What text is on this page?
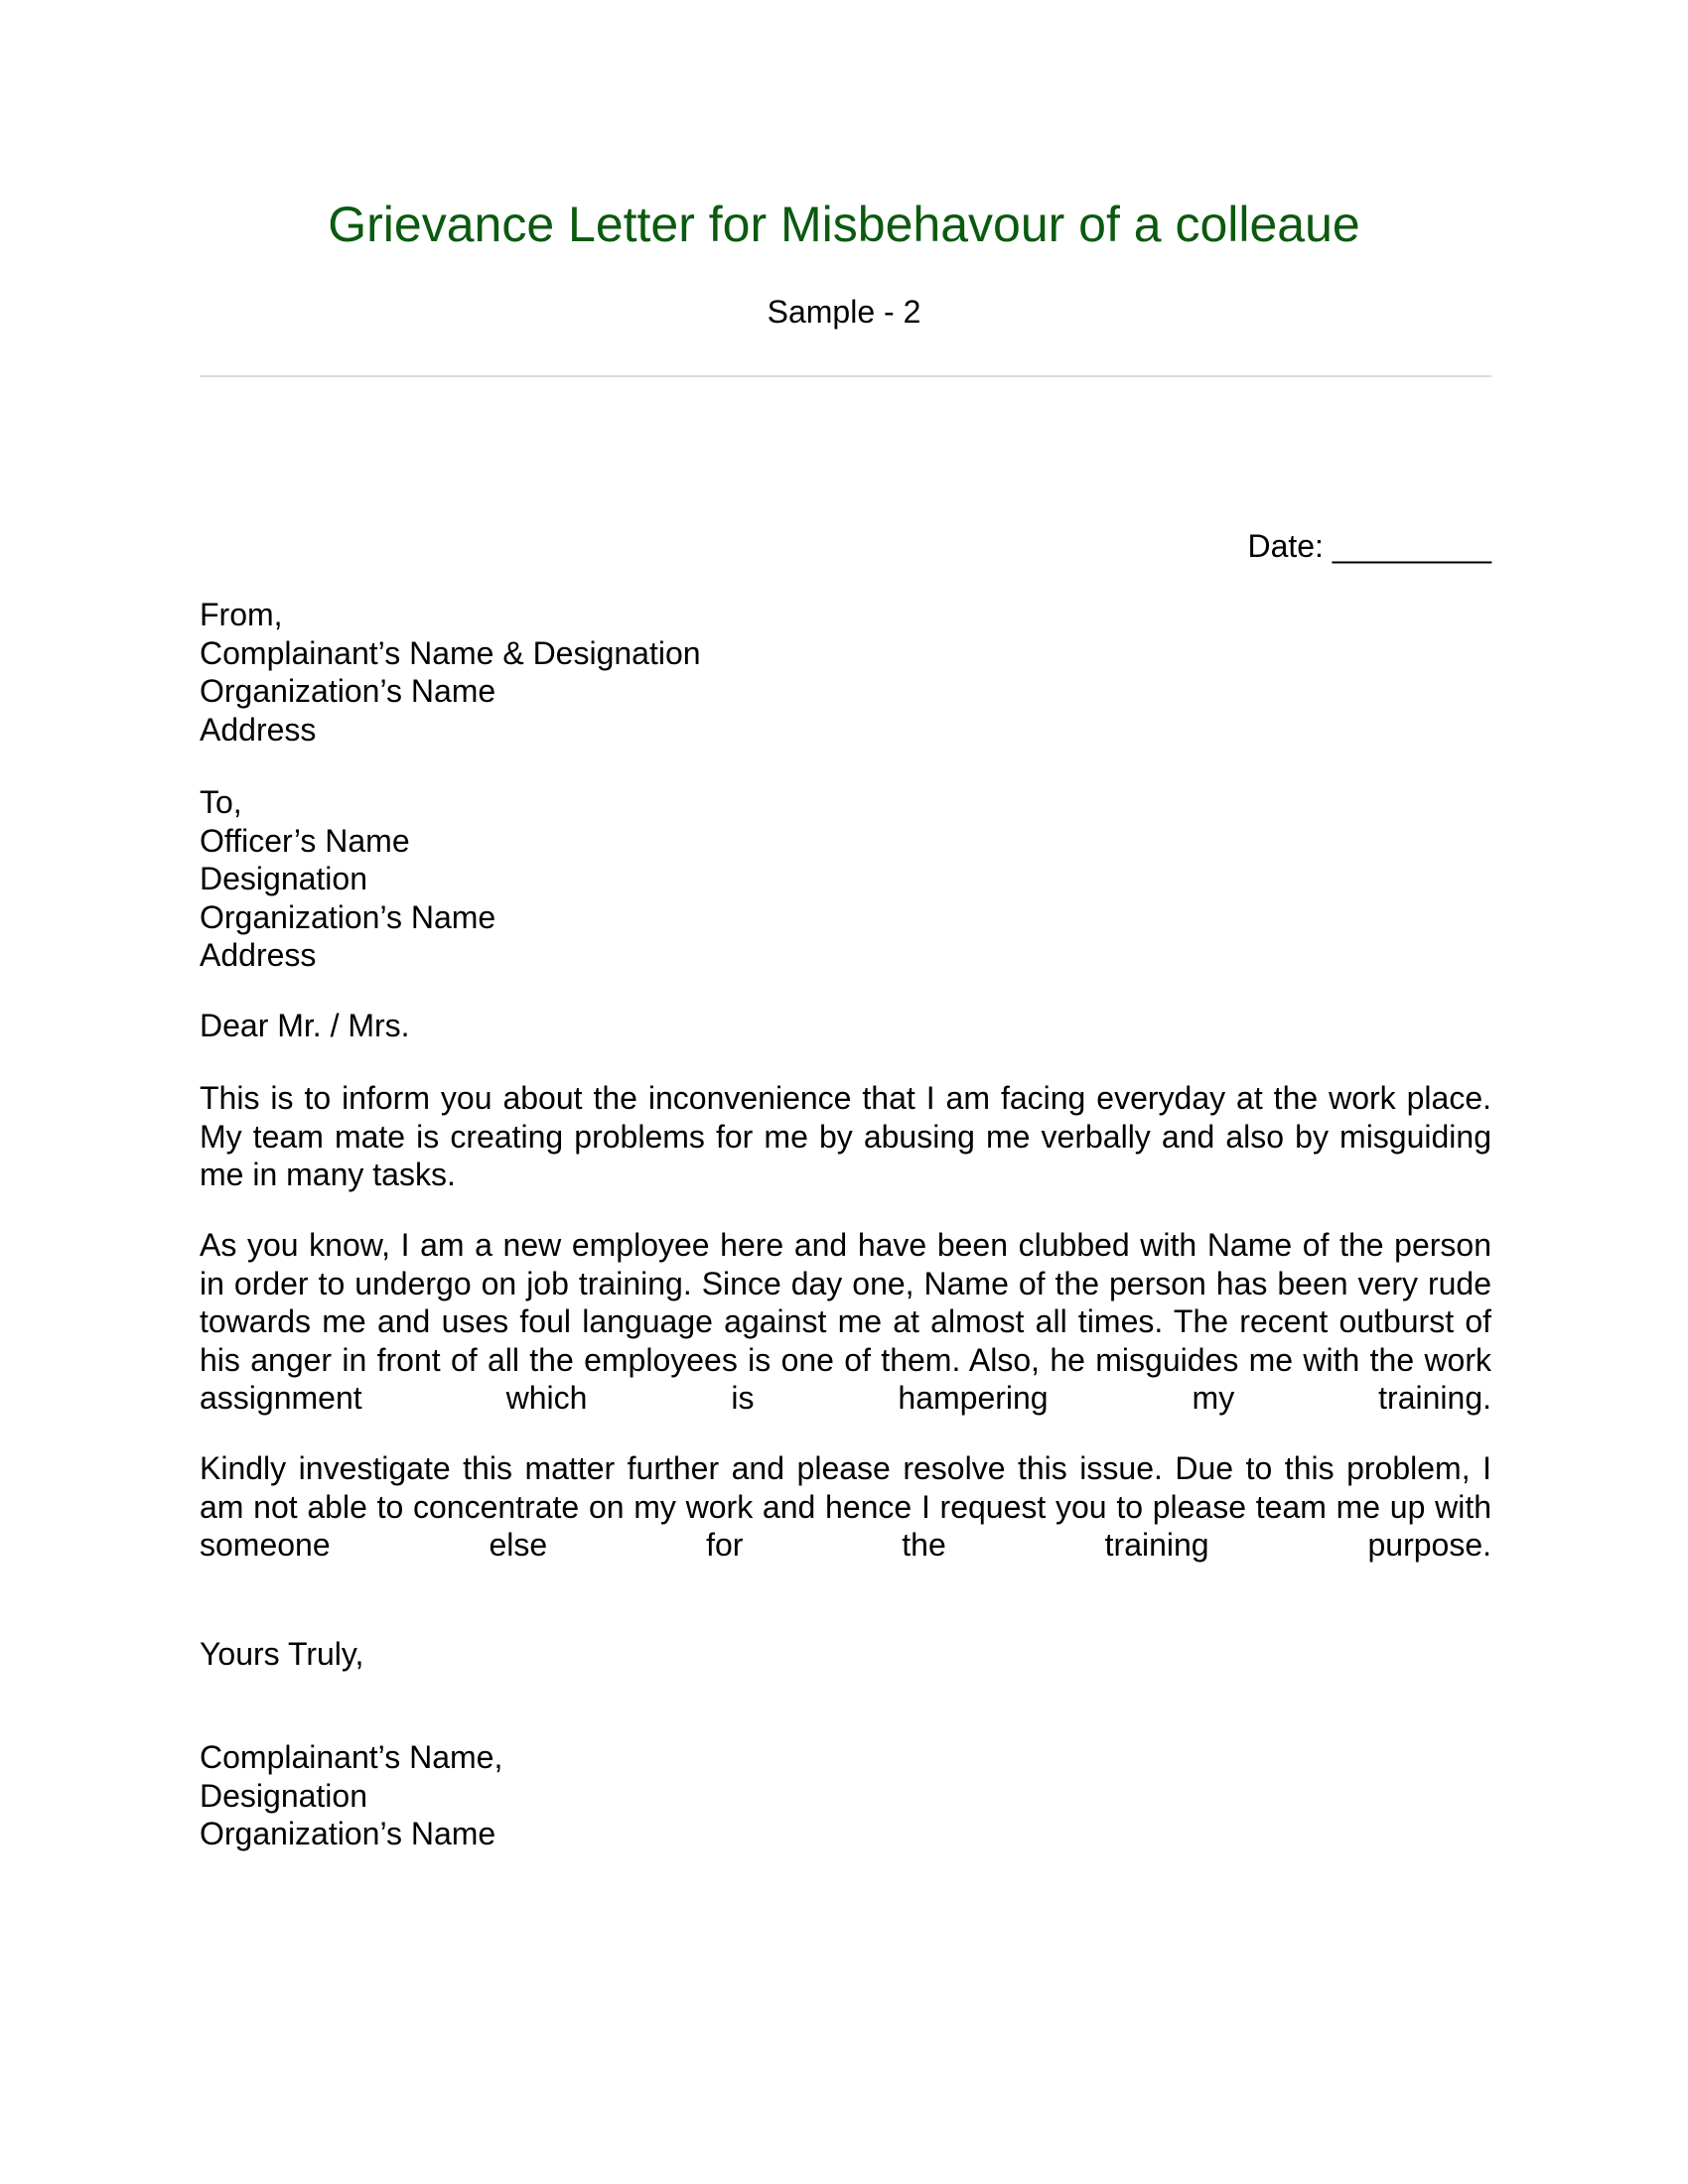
Grievance Letter for Misbehavour of a colleaue
Sample - 2
Date: _________
From,
Complainant’s Name & Designation
Organization’s Name
Address
To,
Officer’s Name
Designation
Organization’s Name
Address
Dear Mr. / Mrs.

This is to inform you about the inconvenience that I am facing everyday at the work place. My team mate is creating problems for me by abusing me verbally and also by misguiding me in many tasks.

As you know, I am a new employee here and have been clubbed with Name of the person in order to undergo on job training. Since day one, Name of the person has been very rude towards me and uses foul language against me at almost all times. The recent outburst of his anger in front of all the employees is one of them. Also, he misguides me with the work assignment which is hampering my training.

Kindly investigate this matter further and please resolve this issue. Due to this problem, I am not able to concentrate on my work and hence I request you to please team me up with someone else for the training purpose.

Yours Truly,
Complainant’s Name,
Designation
Organization’s Name
